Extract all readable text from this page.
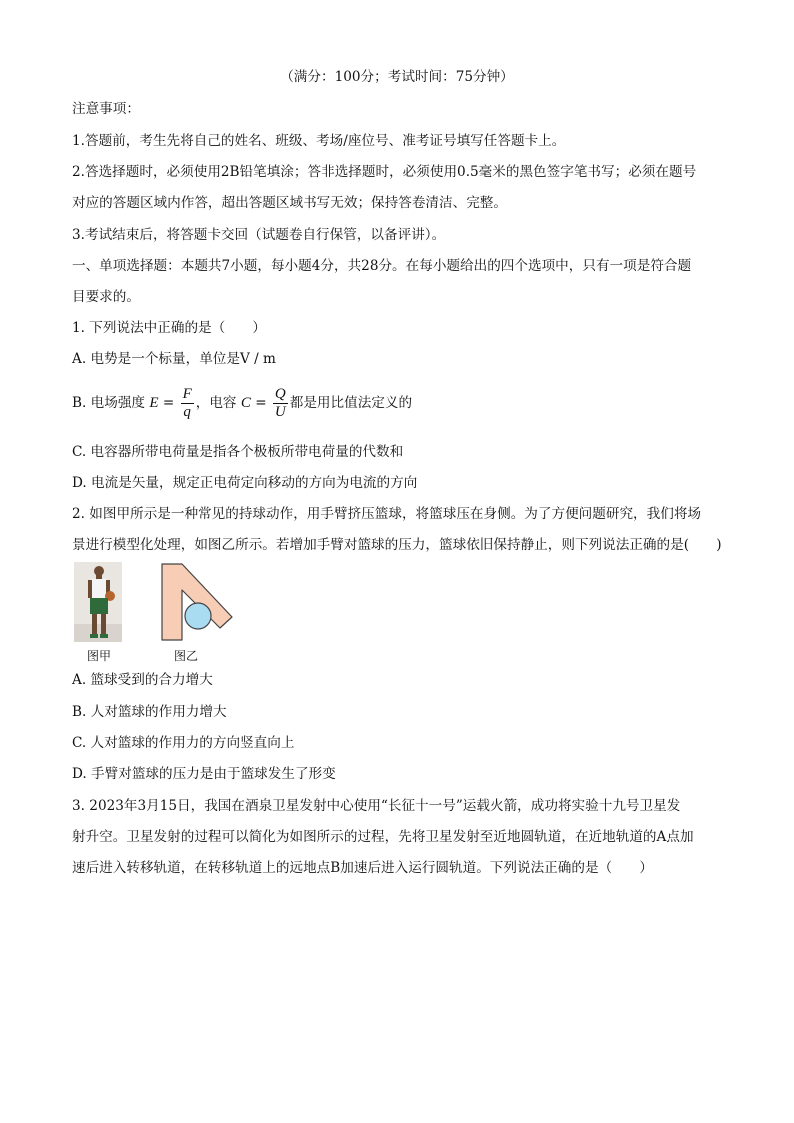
（满分：100分；考试时间：75分钟）
注意事项：
1.答题前，考生先将自己的姓名、班级、考场/座位号、准考证号填写任答题卡上。
2.答选择题时，必须使用2B铅笔填涂；答非选择题时，必须使用0.5毫米的黑色签字笔书写；必须在题号
对应的答题区域内作答，超出答题区域书写无效；保持答卷清洁、完整。
3.考试结束后，将答题卡交回（试题卷自行保管，以备评讲）。
一、单项选择题：本题共7小题，每小题4分，共28分。在每小题给出的四个选项中，只有一项是符合题
目要求的。
1. 下列说法中正确的是（　　）
A. 电势是一个标量，单位是V / m
B. 电场强度 $E = \frac{F}{q}$ ，电容 $C = \frac{Q}{U}$ 都是用比值法定义的
C. 电容器所带电荷量是指各个极板所带电荷量的代数和
D. 电流是矢量，规定正电荷定向移动的方向为电流的方向
2. 如图甲所示是一种常见的持球动作，用手臂挤压篮球，将篮球压在身侧。为了方便问题研究，我们将场
景进行模型化处理，如图乙所示。若增加手臂对篮球的压力，篮球依旧保持静止，则下列说法正确的是(　　)
图甲	图乙
A. 篮球受到的合力增大
B. 人对篮球的作用力增大
C. 人对篮球的作用力的方向竖直向上
D. 手臂对篮球的压力是由于篮球发生了形变
3. 2023年3月15日，我国在酒泉卫星发射中心使用“长征十一号”运载火箭，成功将实验十九号卫星发
射升空。卫星发射的过程可以简化为如图所示的过程，先将卫星发射至近地圆轨道，在近地轨道的A点加
速后进入转移轨道，在转移轨道上的远地点B加速后进入运行圆轨道。下列说法正确的是（　　）
